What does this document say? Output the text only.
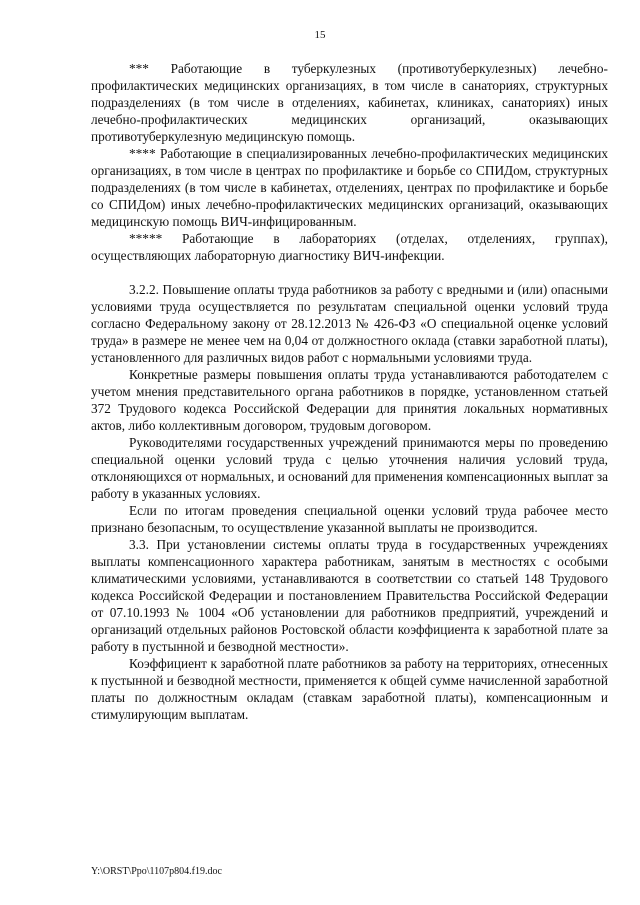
15

*** Работающие в туберкулезных (противотуберкулезных) лечебно-профилактических медицинских организациях, в том числе в санаториях, структурных подразделениях (в том числе в отделениях, кабинетах, клиниках, санаториях) иных лечебно-профилактических медицинских организаций, оказывающих противотуберкулезную медицинскую помощь.

**** Работающие в специализированных лечебно-профилактических медицинских организациях, в том числе в центрах по профилактике и борьбе со СПИДом, структурных подразделениях (в том числе в кабинетах, отделениях, центрах по профилактике и борьбе со СПИДом) иных лечебно-профилактических медицинских организаций, оказывающих медицинскую помощь ВИЧ-инфицированным.

***** Работающие в лабораториях (отделах, отделениях, группах), осуществляющих лабораторную диагностику ВИЧ-инфекции.

3.2.2. Повышение оплаты труда работников за работу с вредными и (или) опасными условиями труда осуществляется по результатам специальной оценки условий труда согласно Федеральному закону от 28.12.2013 № 426-ФЗ «О специальной оценке условий труда» в размере не менее чем на 0,04 от должностного оклада (ставки заработной платы), установленного для различных видов работ с нормальными условиями труда.

Конкретные размеры повышения оплаты труда устанавливаются работодателем с учетом мнения представительного органа работников в порядке, установленном статьей 372 Трудового кодекса Российской Федерации для принятия локальных нормативных актов, либо коллективным договором, трудовым договором.

Руководителями государственных учреждений принимаются меры по проведению специальной оценки условий труда с целью уточнения наличия условий труда, отклоняющихся от нормальных, и оснований для применения компенсационных выплат за работу в указанных условиях.

Если по итогам проведения специальной оценки условий труда рабочее место признано безопасным, то осуществление указанной выплаты не производится.

3.3. При установлении системы оплаты труда в государственных учреждениях выплаты компенсационного характера работникам, занятым в местностях с особыми климатическими условиями, устанавливаются в соответствии со статьей 148 Трудового кодекса Российской Федерации и постановлением Правительства Российской Федерации от 07.10.1993 № 1004 «Об установлении для работников предприятий, учреждений и организаций отдельных районов Ростовской области коэффициента к заработной плате за работу в пустынной и безводной местности».

Коэффициент к заработной плате работников за работу на территориях, отнесенных к пустынной и безводной местности, применяется к общей сумме начисленной заработной платы по должностным окладам (ставкам заработной платы), компенсационным и стимулирующим выплатам.

Y:\ORST\Ppo\1107p804.f19.doc
